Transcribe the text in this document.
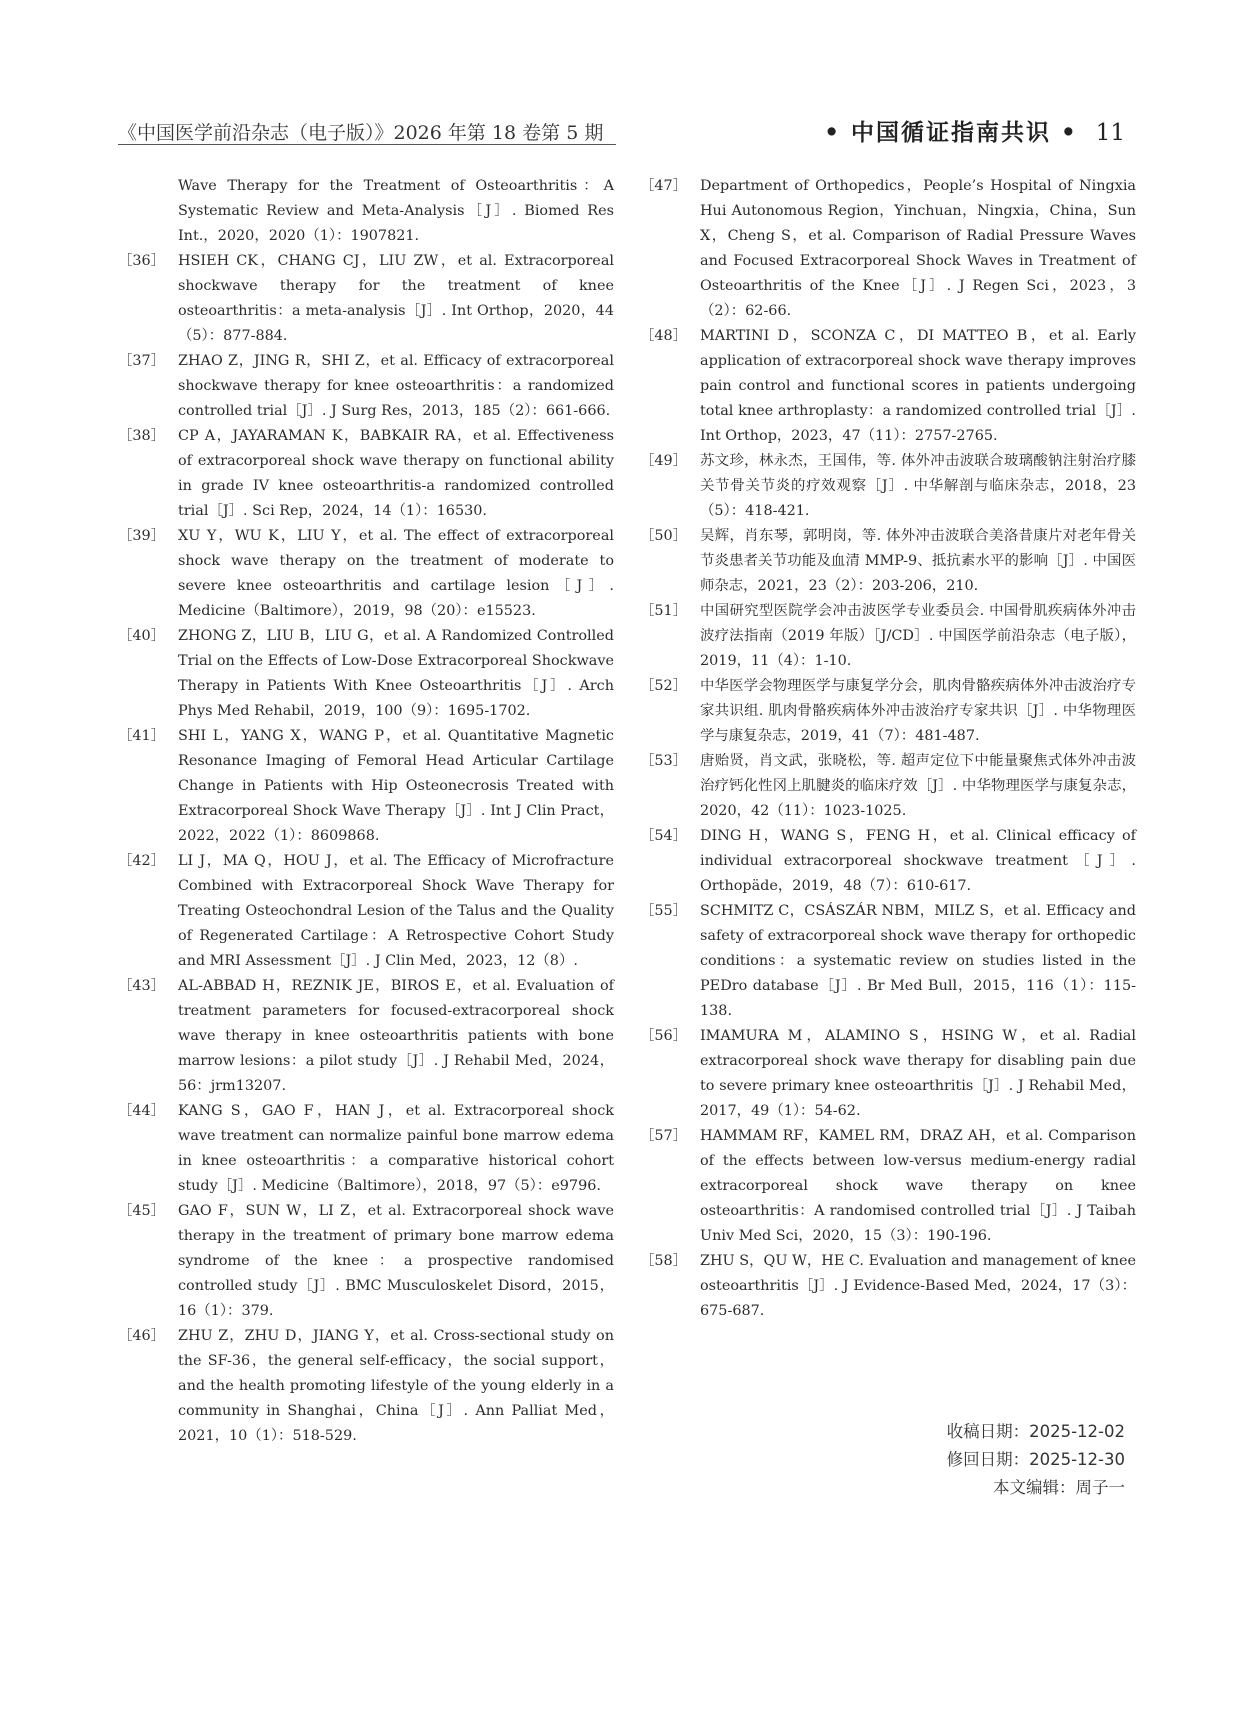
《中国医学前沿杂志（电子版）》2026 年第 18 卷第 5 期	• 中国循证指南共识 • 11
Wave Therapy for the Treatment of Osteoarthritis：A Systematic Review and Meta-Analysis［J］. Biomed Res Int.，2020，2020（1）：1907821.
［36］ HSIEH CK，CHANG CJ，LIU ZW，et al. Extracorporeal shockwave therapy for the treatment of knee osteoarthritis：a meta-analysis［J］. Int Orthop，2020，44（5）：877-884.
［37］ ZHAO Z，JING R，SHI Z，et al. Efficacy of extracorporeal shockwave therapy for knee osteoarthritis：a randomized controlled trial［J］. J Surg Res，2013，185（2）：661-666.
［38］ CP A，JAYARAMAN K，BABKAIR RA，et al. Effectiveness of extracorporeal shock wave therapy on functional ability in grade IV knee osteoarthritis-a randomized controlled trial［J］. Sci Rep，2024，14（1）：16530.
［39］ XU Y，WU K，LIU Y，et al. The effect of extracorporeal shock wave therapy on the treatment of moderate to severe knee osteoarthritis and cartilage lesion［J］. Medicine（Baltimore），2019，98（20）：e15523.
［40］ ZHONG Z，LIU B，LIU G，et al. A Randomized Controlled Trial on the Effects of Low-Dose Extracorporeal Shockwave Therapy in Patients With Knee Osteoarthritis［J］. Arch Phys Med Rehabil，2019，100（9）：1695-1702.
［41］ SHI L，YANG X，WANG P，et al. Quantitative Magnetic Resonance Imaging of Femoral Head Articular Cartilage Change in Patients with Hip Osteonecrosis Treated with Extracorporeal Shock Wave Therapy［J］. Int J Clin Pract，2022，2022（1）：8609868.
［42］ LI J，MA Q，HOU J，et al. The Efficacy of Microfracture Combined with Extracorporeal Shock Wave Therapy for Treating Osteochondral Lesion of the Talus and the Quality of Regenerated Cartilage：A Retrospective Cohort Study and MRI Assessment［J］. J Clin Med，2023，12（8）.
［43］ AL-ABBAD H，REZNIK JE，BIROS E，et al. Evaluation of treatment parameters for focused-extracorporeal shock wave therapy in knee osteoarthritis patients with bone marrow lesions：a pilot study［J］. J Rehabil Med，2024，56：jrm13207.
［44］ KANG S，GAO F，HAN J，et al. Extracorporeal shock wave treatment can normalize painful bone marrow edema in knee osteoarthritis：a comparative historical cohort study［J］. Medicine（Baltimore），2018，97（5）：e9796.
［45］ GAO F，SUN W，LI Z，et al. Extracorporeal shock wave therapy in the treatment of primary bone marrow edema syndrome of the knee：a prospective randomised controlled study［J］. BMC Musculoskelet Disord，2015，16（1）：379.
［46］ ZHU Z，ZHU D，JIANG Y，et al. Cross-sectional study on the SF-36，the general self-efficacy，the social support，and the health promoting lifestyle of the young elderly in a community in Shanghai，China［J］. Ann Palliat Med，2021，10（1）：518-529.
［47］ Department of Orthopedics，People’s Hospital of Ningxia Hui Autonomous Region，Yinchuan，Ningxia，China，Sun X，Cheng S，et al. Comparison of Radial Pressure Waves and Focused Extracorporeal Shock Waves in Treatment of Osteoarthritis of the Knee［J］. J Regen Sci，2023，3（2）：62-66.
［48］ MARTINI D，SCONZA C，DI MATTEO B，et al. Early application of extracorporeal shock wave therapy improves pain control and functional scores in patients undergoing total knee arthroplasty：a randomized controlled trial［J］. Int Orthop，2023，47（11）：2757-2765.
［49］ 苏文珍，林永杰，王国伟，等. 体外冲击波联合玻璃酸钠注射治疗膝关节骨关节炎的疗效观察［J］. 中华解剖与临床杂志，2018，23（5）：418-421.
［50］ 吴辉，肖东琴，郭明岗，等. 体外冲击波联合美洛昔康片对老年骨关节炎患者关节功能及血清 MMP-9、抵抗素水平的影响［J］. 中国医师杂志，2021，23（2）：203-206，210.
［51］ 中国研究型医院学会冲击波医学专业委员会. 中国骨肌疾病体外冲击波疗法指南（2019 年版）［J/CD］. 中国医学前沿杂志（电子版），2019，11（4）：1-10.
［52］ 中华医学会物理医学与康复学分会，肌肉骨骼疾病体外冲击波治疗专家共识组. 肌肉骨骼疾病体外冲击波治疗专家共识［J］. 中华物理医学与康复杂志，2019，41（7）：481-487.
［53］ 唐贻贤，肖文武，张晓松，等. 超声定位下中能量聚焦式体外冲击波治疗钙化性冈上肌腱炎的临床疗效［J］. 中华物理医学与康复杂志，2020，42（11）：1023-1025.
［54］ DING H，WANG S，FENG H，et al. Clinical efficacy of individual extracorporeal shockwave treatment［J］. Orthopäde，2019，48（7）：610-617.
［55］ SCHMITZ C，CSÁSZÁR NBM，MILZ S，et al. Efficacy and safety of extracorporeal shock wave therapy for orthopedic conditions：a systematic review on studies listed in the PEDro database［J］. Br Med Bull，2015，116（1）：115-138.
［56］ IMAMURA M，ALAMINO S，HSING W，et al. Radial extracorporeal shock wave therapy for disabling pain due to severe primary knee osteoarthritis［J］. J Rehabil Med，2017，49（1）：54-62.
［57］ HAMMAM RF，KAMEL RM，DRAZ AH，et al. Comparison of the effects between low-versus medium-energy radial extracorporeal shock wave therapy on knee osteoarthritis：A randomised controlled trial［J］. J Taibah Univ Med Sci，2020，15（3）：190-196.
［58］ ZHU S，QU W，HE C. Evaluation and management of knee osteoarthritis［J］. J Evidence-Based Med，2024，17（3）：675-687.
收稿日期：2025-12-02
修回日期：2025-12-30
本文编辑：周子一
